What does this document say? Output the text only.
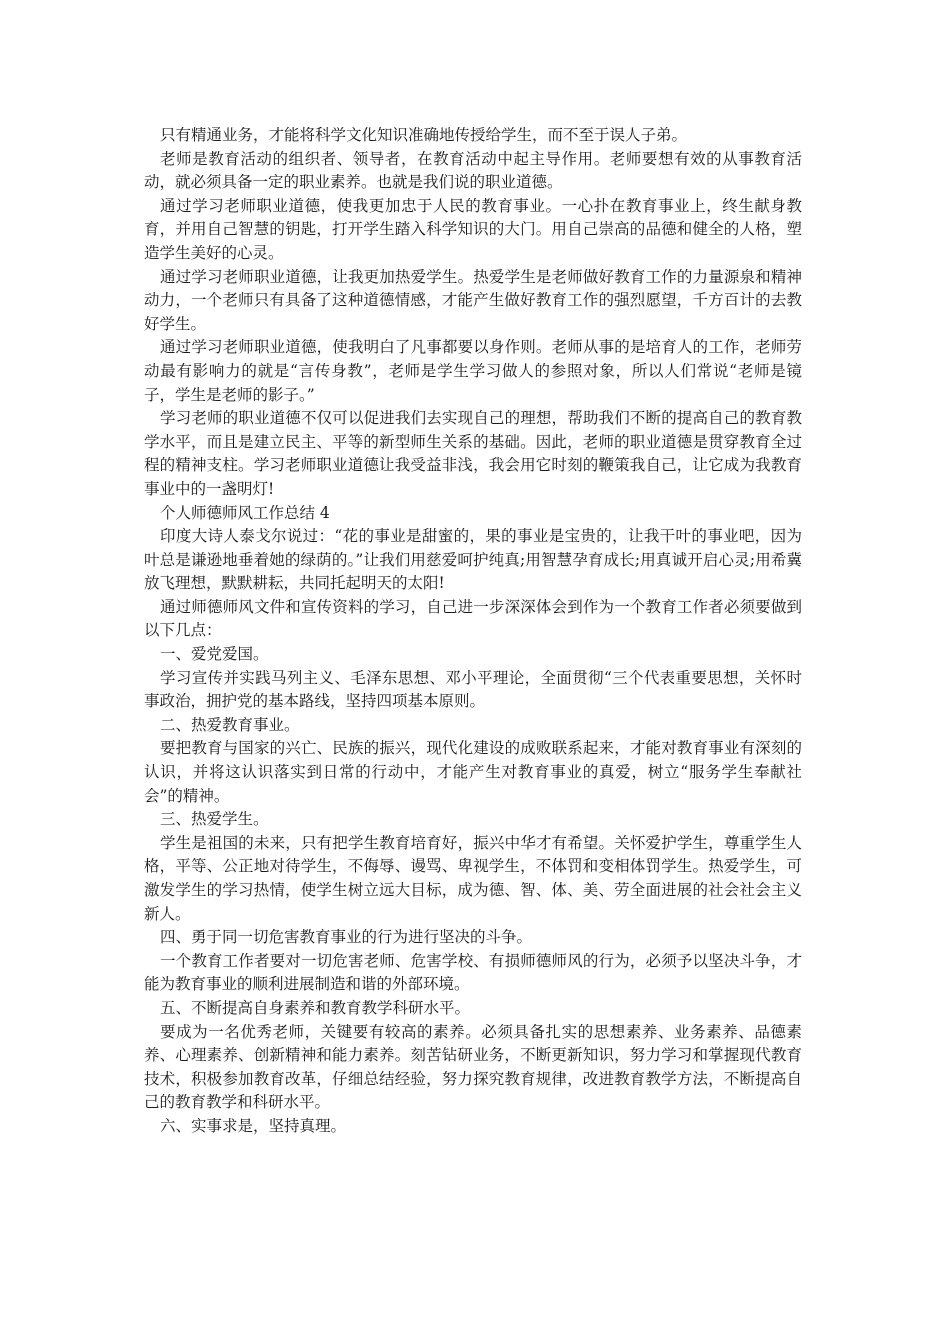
只有精通业务，才能将科学文化知识准确地传授给学生，而不至于误人子弟。

老师是教育活动的组织者、领导者，在教育活动中起主导作用。老师要想有效的从事教育活动，就必须具备一定的职业素养。也就是我们说的职业道德。

通过学习老师职业道德，使我更加忠于人民的教育事业。一心扑在教育事业上，终生献身教育，并用自己智慧的钥匙，打开学生踏入科学知识的大门。用自己崇高的品德和健全的人格，塑造学生美好的心灵。

通过学习老师职业道德，让我更加热爱学生。热爱学生是老师做好教育工作的力量源泉和精神动力，一个老师只有具备了这种道德情感，才能产生做好教育工作的强烈愿望，千方百计的去教好学生。

通过学习老师职业道德，使我明白了凡事都要以身作则。老师从事的是培育人的工作，老师劳动最有影响力的就是“言传身教”，老师是学生学习做人的参照对象，所以人们常说“老师是镜子，学生是老师的影子。”

学习老师的职业道德不仅可以促进我们去实现自己的理想，帮助我们不断的提高自己的教育教学水平，而且是建立民主、平等的新型师生关系的基础。因此，老师的职业道德是贯穿教育全过程的精神支柱。学习老师职业道德让我受益非浅，我会用它时刻的鞭策我自己，让它成为我教育事业中的一盏明灯!

个人师德师风工作总结 4

印度大诗人泰戈尔说过：“花的事业是甜蜜的，果的事业是宝贵的，让我干叶的事业吧，因为叶总是谦逊地垂着她的绿荫的。”让我们用慈爱呵护纯真;用智慧孕育成长;用真诚开启心灵;用希冀放飞理想，默默耕耘，共同托起明天的太阳!

通过师德师风文件和宣传资料的学习，自己进一步深深体会到作为一个教育工作者必须要做到以下几点：

一、爱党爱国。

学习宣传并实践马列主义、毛泽东思想、邓小平理论，全面贯彻“三个代表重要思想，关怀时事政治，拥护党的基本路线，坚持四项基本原则。

二、热爱教育事业。

要把教育与国家的兴亡、民族的振兴，现代化建设的成败联系起来，才能对教育事业有深刻的认识，并将这认识落实到日常的行动中，才能产生对教育事业的真爱，树立“服务学生奉献社会”的精神。

三、热爱学生。

学生是祖国的未来，只有把学生教育培育好，振兴中华才有希望。关怀爱护学生，尊重学生人格，平等、公正地对待学生，不侮辱、谩骂、卑视学生，不体罚和变相体罚学生。热爱学生，可激发学生的学习热情，使学生树立远大目标，成为德、智、体、美、劳全面进展的社会社会主义新人。

四、勇于同一切危害教育事业的行为进行坚决的斗争。

一个教育工作者要对一切危害老师、危害学校、有损师德师风的行为，必须予以坚决斗争，才能为教育事业的顺利进展制造和谐的外部环境。

五、不断提高自身素养和教育教学科研水平。

要成为一名优秀老师，关键要有较高的素养。必须具备扎实的思想素养、业务素养、品德素养、心理素养、创新精神和能力素养。刻苦钻研业务，不断更新知识，努力学习和掌握现代教育技术，积极参加教育改革，仔细总结经验，努力探究教育规律，改进教育教学方法，不断提高自己的教育教学和科研水平。

六、实事求是，坚持真理。
